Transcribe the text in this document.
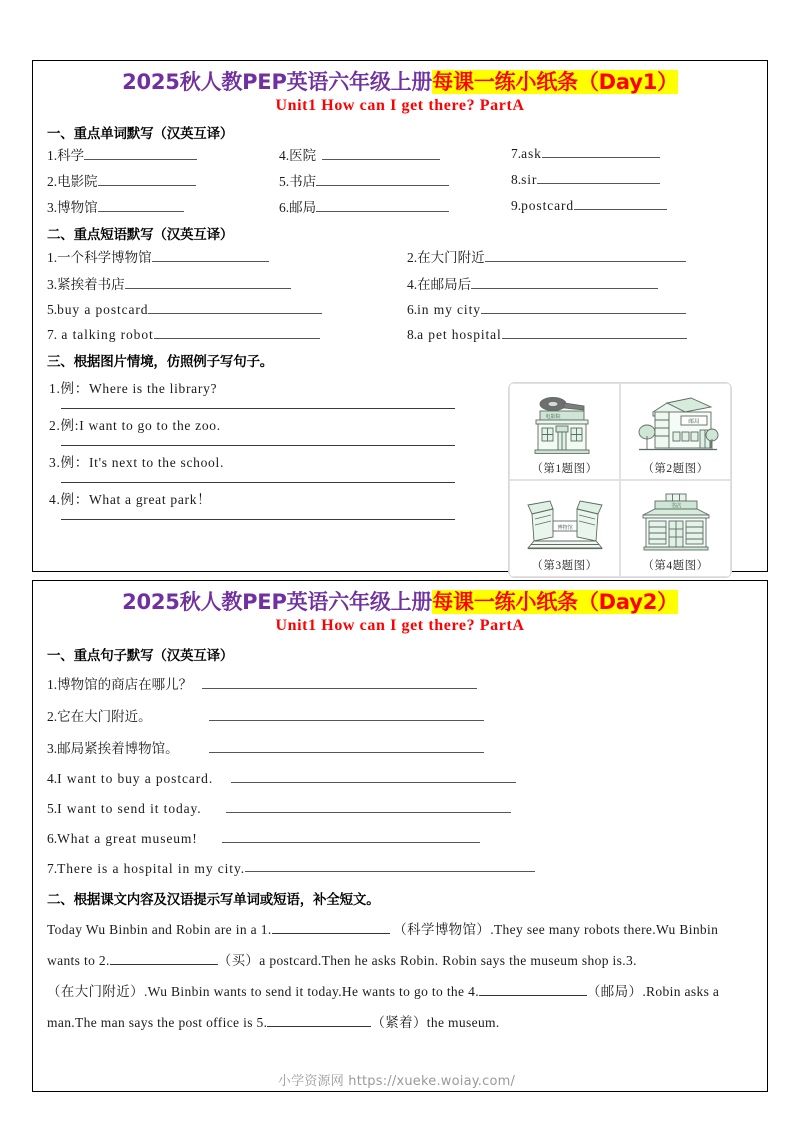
2025秋人教PEP英语六年级上册每课一练小纸条（Day1）
Unit1 How can I get there? PartA
一、重点单词默写（汉英互译）
1.科学	4.医院	7.ask
2.电影院	5.书店	8.sir
3.博物馆	6.邮局	9.postcard
二、重点短语默写（汉英互译）
1.一个科学博物馆	2.在大门附近
3.紧挨着书店	4.在邮局后
5.buy a postcard	6.in my city
7. a talking robot	8.a pet hospital
三、根据图片情境，仿照例子写句子。
1.例：Where is the library?
2.例:I want to go to the zoo.
3.例：It's next to the school.
4.例：What a great park！
电影院
（第1题图）
邮局
（第2题图）
博物馆
（第3题图）
书店
（第4题图）
2025秋人教PEP英语六年级上册每课一练小纸条（Day2）
Unit1 How can I get there? PartA
一、重点句子默写（汉英互译）
1.博物馆的商店在哪儿？
2.它在大门附近。
3.邮局紧挨着博物馆。
4.I want to buy a postcard.
5.I want to send it today.
6.What a great museum!
7.There is a hospital in my city.
二、根据课文内容及汉语提示写单词或短语，补全短文。
Today Wu Binbin and Robin are in a 1.	（科学博物馆）.They see many robots there.Wu Binbin wants to 2.	（买）a postcard.Then he asks Robin. Robin says the museum shop is.3.（在大门附近）.Wu Binbin wants to send it today.He wants to go to the 4.	（邮局）.Robin asks a man.The man says the post office is 5.	（紧着）the museum.
小学资源网 https://xueke.woiay.com/
